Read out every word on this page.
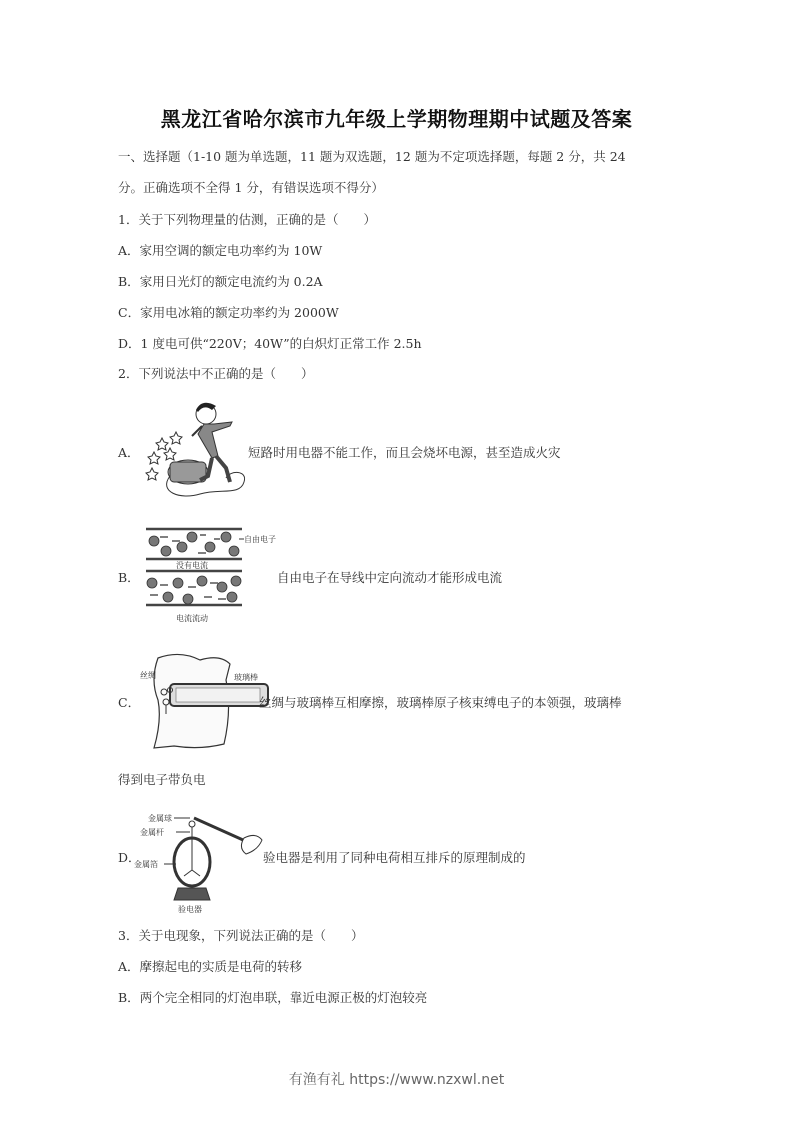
黑龙江省哈尔滨市九年级上学期物理期中试题及答案
一、选择题（1-10 题为单选题，11 题为双选题，12 题为不定项选择题，每题 2 分，共 24
分。正确选项不全得 1 分，有错误选项不得分）
1．关于下列物理量的估测，正确的是（　　）
A．家用空调的额定电功率约为 10W
B．家用日光灯的额定电流约为 0.2A
C．家用电冰箱的额定功率约为 2000W
D．1 度电可供“220V；40W”的白炽灯正常工作 2.5h
2．下列说法中不正确的是（　　）
A．	短路时用电器不能工作，而且会烧坏电源，甚至造成火灾
B．
自由电子
没有电流
电流流动
自由电子在导线中定向流动才能形成电流
C．
丝绸	玻璃棒
丝绸与玻璃棒互相摩擦，玻璃棒原子核束缚电子的本领强，玻璃棒
得到电子带负电
D．
金属球
金属杆
金属箔
验电器
验电器是利用了同种电荷相互排斥的原理制成的
3．关于电现象，下列说法正确的是（　　）
A．摩擦起电的实质是电荷的转移
B．两个完全相同的灯泡串联，靠近电源正极的灯泡较亮
有渔有礼 https://www.nzxwl.net
